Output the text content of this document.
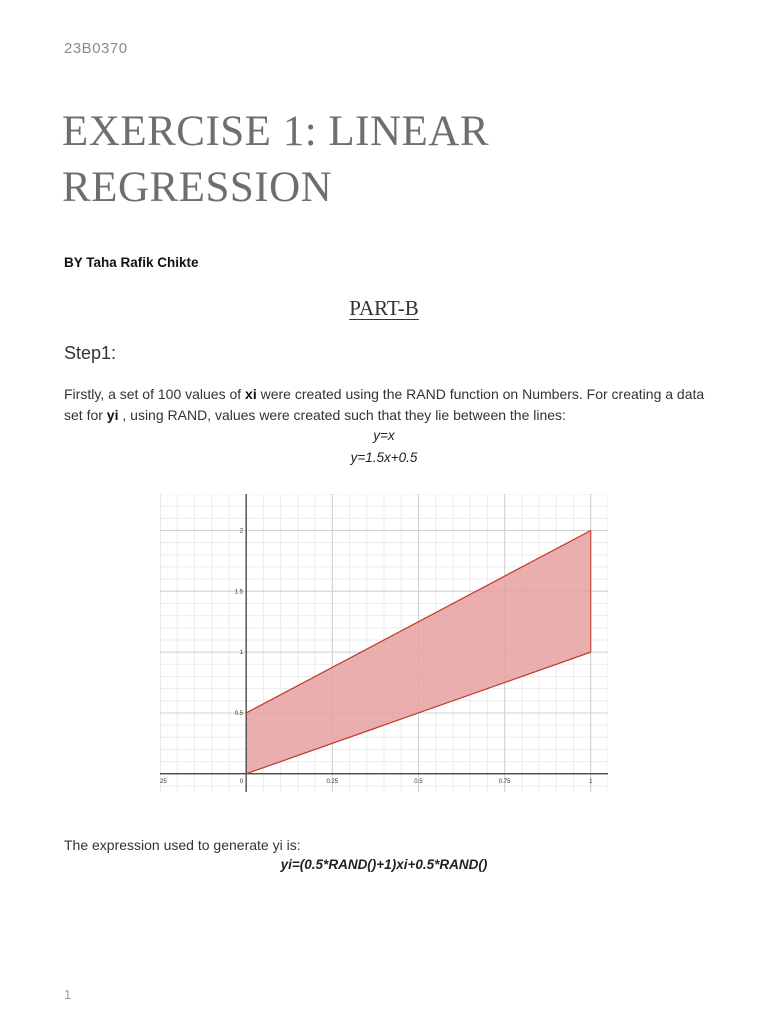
23B0370
EXERCISE 1: LINEAR
REGRESSION
BY Taha Rafik Chikte
PART-B
Step1:
Firstly, a set of 100 values of xi were created using the RAND function on Numbers. For creating a data set for yi , using RAND, values were created such that they lie between the lines:
y=x
y=1.5x+0.5
25	0	0.25	0.5	0.75	1
0.5
1
1.5
2
The expression used to generate yi is:
yi=(0.5*RAND()+1)xi+0.5*RAND()
1
